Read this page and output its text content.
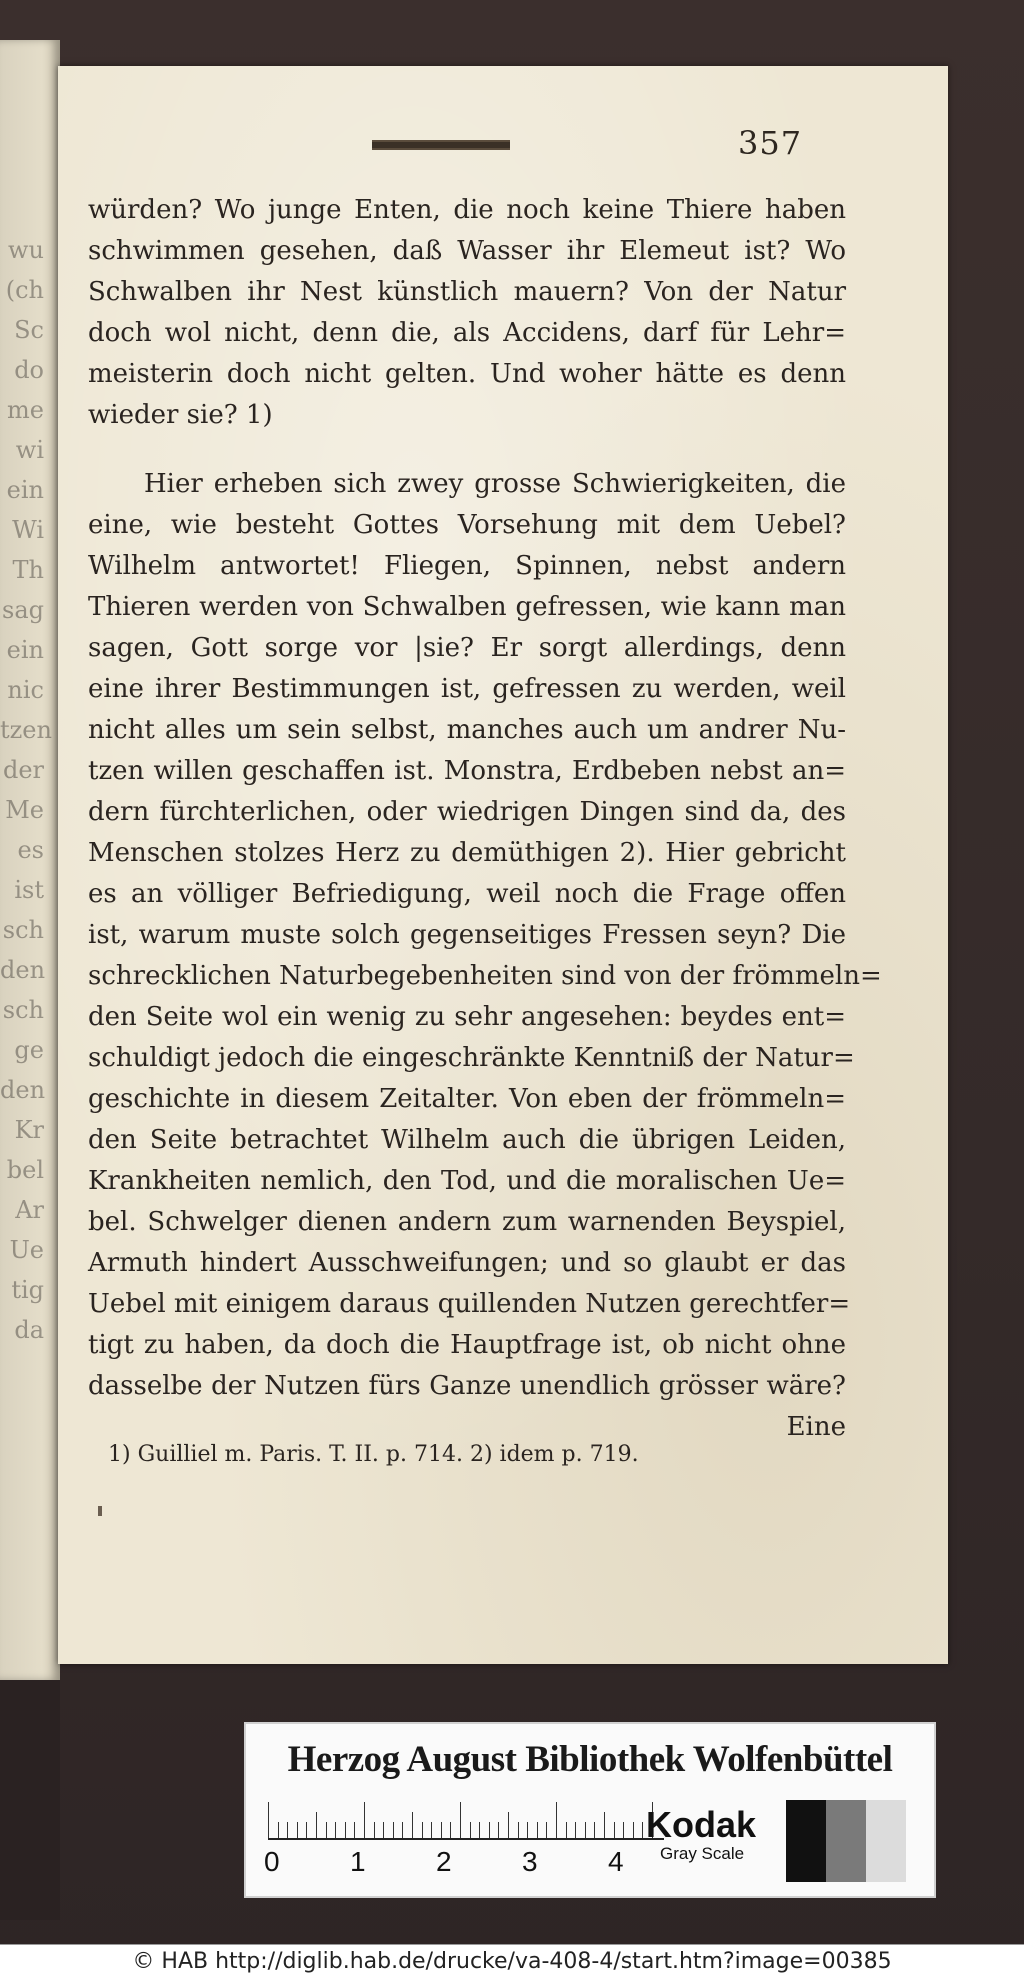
wu
(ch
Sc
do
me
wi
ein
Wi
Th
sag
ein
nic
tzen
der
Me
es
ist
sch
den
sch
ge
den
Kr
bel
Ar
Ue
tig
da
357
würden? Wo junge Enten, die noch keine Thiere haben
schwimmen gesehen, daß Wasser ihr Elemeut ist? Wo
Schwalben ihr Nest künstlich mauern? Von der Natur
doch wol nicht, denn die, als Accidens, darf für Lehr=
meisterin doch nicht gelten. Und woher hätte es denn
wieder sie? 1)
Hier erheben sich zwey grosse Schwierigkeiten, die
eine, wie besteht Gottes Vorsehung mit dem Uebel?
Wilhelm antwortet! Fliegen, Spinnen, nebst andern
Thieren werden von Schwalben gefressen, wie kann man
sagen, Gott sorge vor |sie? Er sorgt allerdings, denn
eine ihrer Bestimmungen ist, gefressen zu werden, weil
nicht alles um sein selbst, manches auch um andrer Nu-
tzen willen geschaffen ist. Monstra, Erdbeben nebst an=
dern fürchterlichen, oder wiedrigen Dingen sind da, des
Menschen stolzes Herz zu demüthigen 2). Hier gebricht
es an völliger Befriedigung, weil noch die Frage offen
ist, warum muste solch gegenseitiges Fressen seyn? Die
schrecklichen Naturbegebenheiten sind von der frömmeln=
den Seite wol ein wenig zu sehr angesehen: beydes ent=
schuldigt jedoch die eingeschränkte Kenntniß der Natur=
geschichte in diesem Zeitalter. Von eben der frömmeln=
den Seite betrachtet Wilhelm auch die übrigen Leiden,
Krankheiten nemlich, den Tod, und die moralischen Ue=
bel. Schwelger dienen andern zum warnenden Beyspiel,
Armuth hindert Ausschweifungen; und so glaubt er das
Uebel mit einigem daraus quillenden Nutzen gerechtfer=
tigt zu haben, da doch die Hauptfrage ist, ob nicht ohne
dasselbe der Nutzen fürs Ganze unendlich grösser wäre?
Eine
1) Guilliel m. Paris. T. II. p. 714. 2) idem p. 719.
Herzog August Bibliothek Wolfenbüttel
0	1	2	3	4
Kodak
Gray Scale
© HAB http://diglib.hab.de/drucke/va-408-4/start.htm?image=00385
